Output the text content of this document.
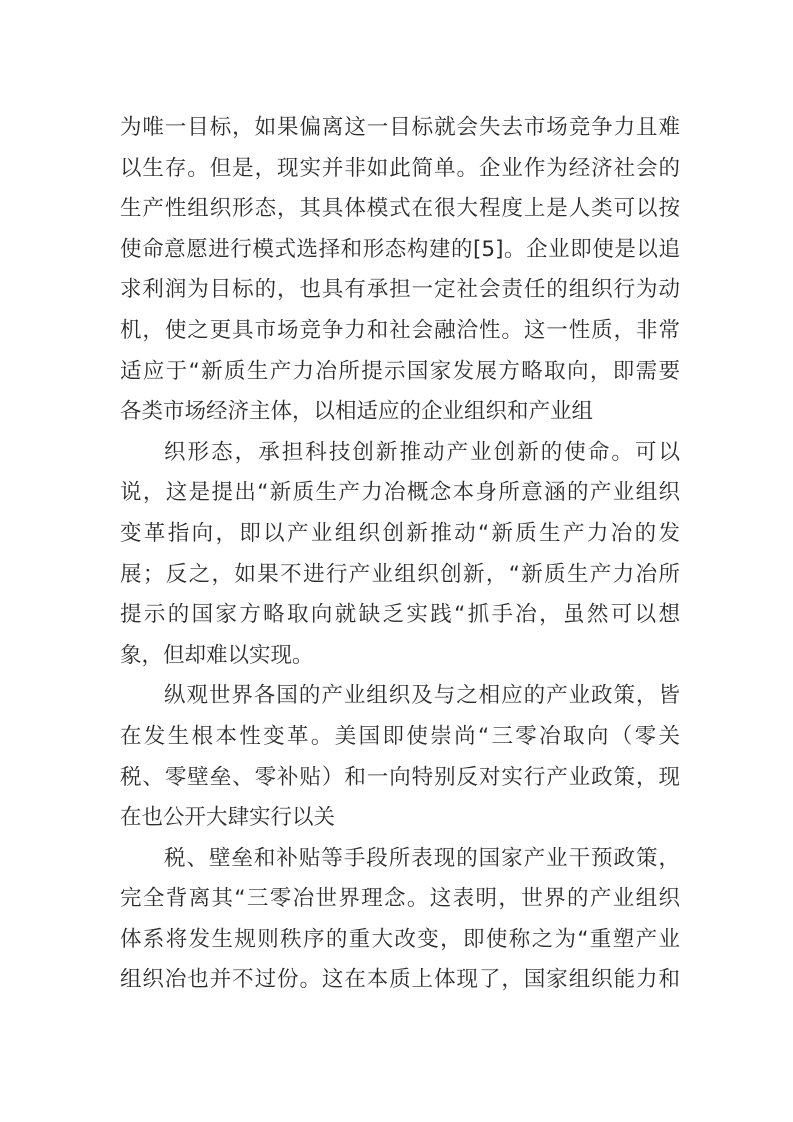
为唯一目标，如果偏离这一目标就会失去市场竞争力且难
以生存。但是，现实并非如此简单。企业作为经济社会的
生产性组织形态，其具体模式在很大程度上是人类可以按
使命意愿进行模式选择和形态构建的[5]。企业即使是以追
求利润为目标的，也具有承担一定社会责任的组织行为动
机，使之更具市场竞争力和社会融洽性。这一性质，非常
适应于“新质生产力冶所提示国家发展方略取向，即需要
各类市场经济主体，以相适应的企业组织和产业组
织形态，承担科技创新推动产业创新的使命。可以
说，这是提出“新质生产力冶概念本身所意涵的产业组织
变革指向，即以产业组织创新推动“新质生产力冶的发
展；反之，如果不进行产业组织创新，“新质生产力冶所
提示的国家方略取向就缺乏实践“抓手冶，虽然可以想
象，但却难以实现。
纵观世界各国的产业组织及与之相应的产业政策，皆
在发生根本性变革。美国即使崇尚“三零冶取向（零关
税、零壁垒、零补贴）和一向特别反对实行产业政策，现
在也公开大肆实行以关
税、壁垒和补贴等手段所表现的国家产业干预政策，
完全背离其“三零冶世界理念。这表明，世界的产业组织
体系将发生规则秩序的重大改变，即使称之为“重塑产业
组织冶也并不过份。这在本质上体现了，国家组织能力和
